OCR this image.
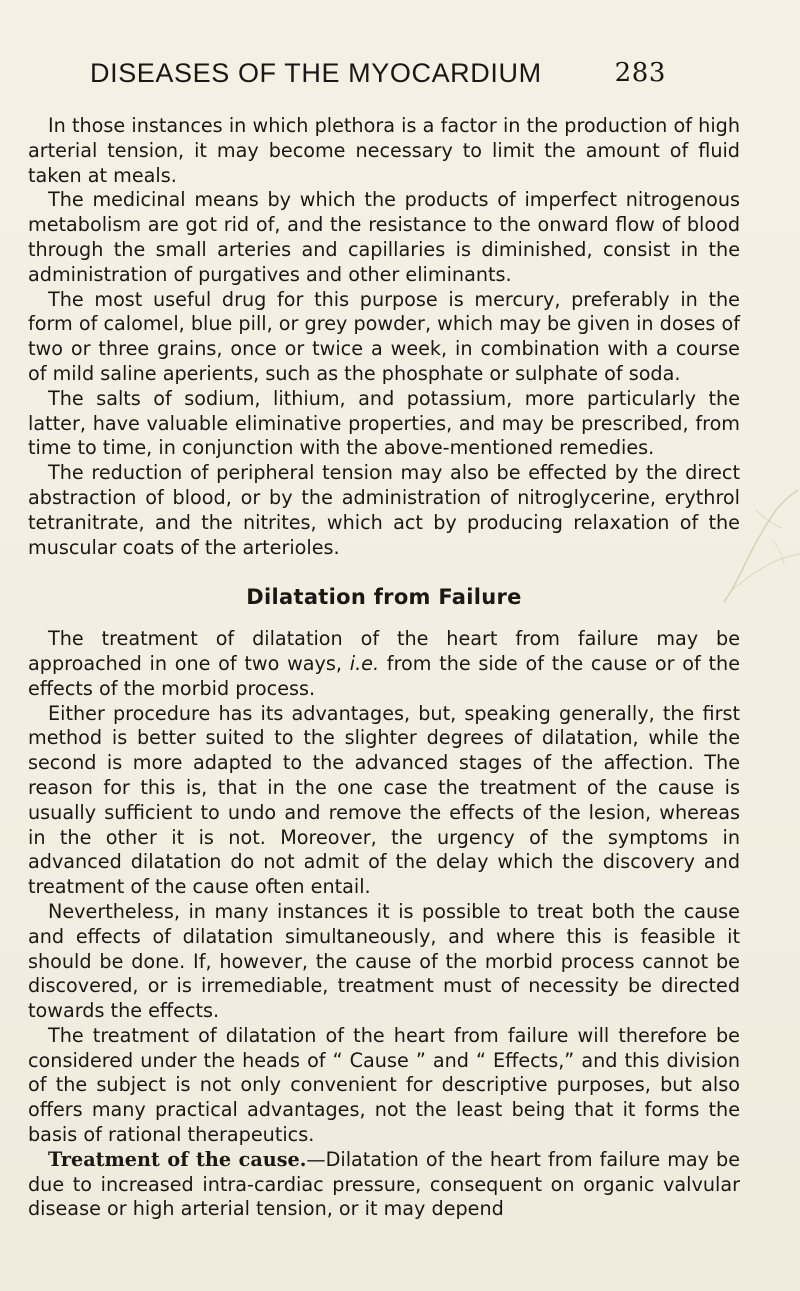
DISEASES OF THE MYOCARDIUM	283

In those instances in which plethora is a factor in the production of high arterial tension, it may become necessary to limit the amount of fluid taken at meals.

The medicinal means by which the products of imperfect nitrogenous metabolism are got rid of, and the resistance to the onward flow of blood through the small arteries and capillaries is diminished, consist in the administration of purgatives and other eliminants.

The most useful drug for this purpose is mercury, preferably in the form of calomel, blue pill, or grey powder, which may be given in doses of two or three grains, once or twice a week, in combination with a course of mild saline aperients, such as the phosphate or sulphate of soda.

The salts of sodium, lithium, and potassium, more particularly the latter, have valuable eliminative properties, and may be prescribed, from time to time, in conjunction with the above-mentioned remedies.

The reduction of peripheral tension may also be effected by the direct abstraction of blood, or by the administration of nitroglycerine, erythrol tetranitrate, and the nitrites, which act by producing relaxation of the muscular coats of the arterioles.

Dilatation from Failure

The treatment of dilatation of the heart from failure may be approached in one of two ways, i.e. from the side of the cause or of the effects of the morbid process.

Either procedure has its advantages, but, speaking generally, the first method is better suited to the slighter degrees of dilatation, while the second is more adapted to the advanced stages of the affection. The reason for this is, that in the one case the treatment of the cause is usually sufficient to undo and remove the effects of the lesion, whereas in the other it is not. Moreover, the urgency of the symptoms in advanced dilatation do not admit of the delay which the discovery and treatment of the cause often entail.

Nevertheless, in many instances it is possible to treat both the cause and effects of dilatation simultaneously, and where this is feasible it should be done. If, however, the cause of the morbid process cannot be discovered, or is irremediable, treatment must of necessity be directed towards the effects.

The treatment of dilatation of the heart from failure will therefore be considered under the heads of “ Cause ” and “ Effects,” and this division of the subject is not only convenient for descriptive purposes, but also offers many practical advantages, not the least being that it forms the basis of rational therapeutics.

Treatment of the cause.—Dilatation of the heart from failure may be due to increased intra-cardiac pressure, consequent on organic valvular disease or high arterial tension, or it may depend
